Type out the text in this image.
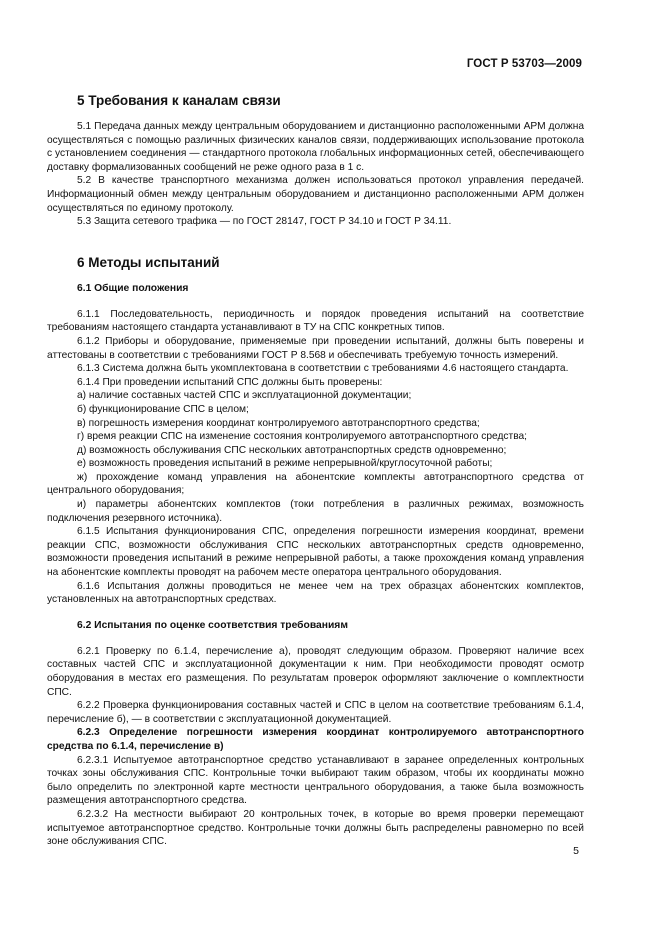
ГОСТ Р 53703—2009
5 Требования к каналам связи

5.1 Передача данных между центральным оборудованием и дистанционно расположенными АРМ должна осуществляться с помощью различных физических каналов связи, поддерживающих использование протокола с установлением соединения — стандартного протокола глобальных информационных сетей, обеспечивающего доставку формализованных сообщений не реже одного раза в 1 с.

5.2 В качестве транспортного механизма должен использоваться протокол управления передачей. Информационный обмен между центральным оборудованием и дистанционно расположенными АРМ должен осуществляться по единому протоколу.

5.3 Защита сетевого трафика — по ГОСТ 28147, ГОСТ Р 34.10 и ГОСТ Р 34.11.

6 Методы испытаний
6.1 Общие положения

6.1.1 Последовательность, периодичность и порядок проведения испытаний на соответствие требованиям настоящего стандарта устанавливают в ТУ на СПС конкретных типов.

6.1.2 Приборы и оборудование, применяемые при проведении испытаний, должны быть поверены и аттестованы в соответствии с требованиями ГОСТ Р 8.568 и обеспечивать требуемую точность измерений.

6.1.3 Система должна быть укомплектована в соответствии с требованиями 4.6 настоящего стандарта.

6.1.4 При проведении испытаний СПС должны быть проверены:

а) наличие составных частей СПС и эксплуатационной документации;

б) функционирование СПС в целом;

в) погрешность измерения координат контролируемого автотранспортного средства;

г) время реакции СПС на изменение состояния контролируемого автотранспортного средства;

д) возможность обслуживания СПС нескольких автотранспортных средств одновременно;

е) возможность проведения испытаний в режиме непрерывной/круглосуточной работы;

ж) прохождение команд управления на абонентские комплекты автотранспортного средства от центрального оборудования;

и) параметры абонентских комплектов (токи потребления в различных режимах, возможность подключения резервного источника).

6.1.5 Испытания функционирования СПС, определения погрешности измерения координат, времени реакции СПС, возможности обслуживания СПС нескольких автотранспортных средств одновременно, возможности проведения испытаний в режиме непрерывной работы, а также прохождения команд управления на абонентские комплекты проводят на рабочем месте оператора центрального оборудования.

6.1.6 Испытания должны проводиться не менее чем на трех образцах абонентских комплектов, установленных на автотранспортных средствах.

6.2 Испытания по оценке соответствия требованиям

6.2.1 Проверку по 6.1.4, перечисление а), проводят следующим образом. Проверяют наличие всех составных частей СПС и эксплуатационной документации к ним. При необходимости проводят осмотр оборудования в местах его размещения. По результатам проверок оформляют заключение о комплектности СПС.

6.2.2 Проверка функционирования составных частей и СПС в целом на соответствие требованиям 6.1.4, перечисление б), — в соответствии с эксплуатационной документацией.

6.2.3 Определение погрешности измерения координат контролируемого автотранспортного средства по 6.1.4, перечисление в)

6.2.3.1 Испытуемое автотранспортное средство устанавливают в заранее определенных контрольных точках зоны обслуживания СПС. Контрольные точки выбирают таким образом, чтобы их координаты можно было определить по электронной карте местности центрального оборудования, а также была возможность размещения автотранспортного средства.

6.2.3.2 На местности выбирают 20 контрольных точек, в которые во время проверки перемещают испытуемое автотранспортное средство. Контрольные точки должны быть распределены равномерно по всей зоне обслуживания СПС.

5
